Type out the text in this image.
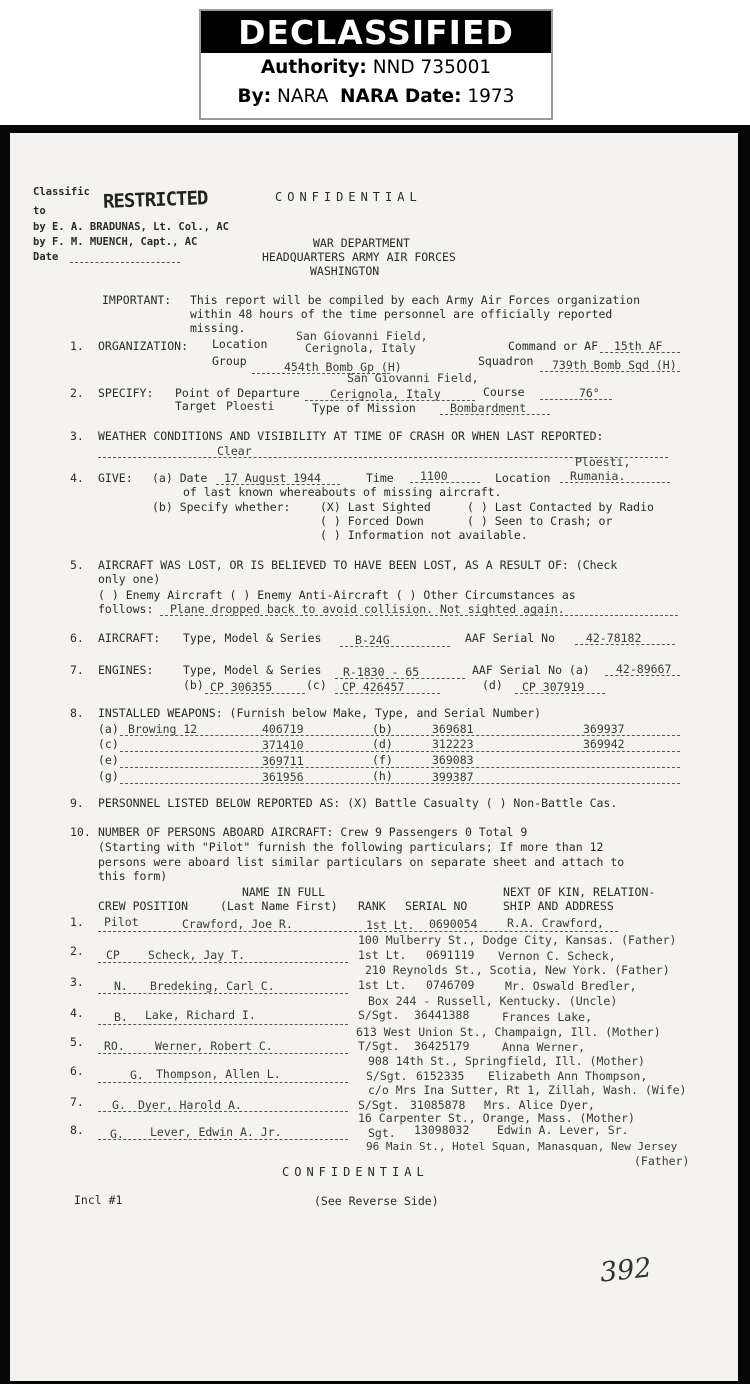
DECLASSIFIED
Authority: NND 735001
By: NARA NARA Date: 1973
Classific RESTRICTED
to
by E. A. BRADUNAS, Lt. Col., AC
by F. M. MUENCH, Capt., AC
Date
CONFIDENTIAL
WAR DEPARTMENT
HEADQUARTERS ARMY AIR FORCES
WASHINGTON
IMPORTANT: This report will be compiled by each Army Air Forces organization
within 48 hours of the time personnel are officially reported
missing.
1. ORGANIZATION: Location
San Giovanni Field,
Cerignola, Italy	Command or AF 15th AF
Group	454th Bomb Gp (H)	Squadron 739th Bomb Sqd (H)
2. SPECIFY:
San Giovanni Field,
Point of Departure	Cerignola, Italy	Course	76°
Target Ploesti	Type of Mission	Bombardment
3. WEATHER CONDITIONS AND VISIBILITY AT TIME OF CRASH OR WHEN LAST REPORTED:
Clear
Ploesti,
4. GIVE: (a) Date 17 August 1944	Time 1100	Location Rumania.
of last known whereabouts of missing aircraft.
(b) Specify whether:	(X) Last Sighted	( ) Last Contacted by Radio
( ) Forced Down	( ) Seen to Crash; or
( ) Information not available.
5. AIRCRAFT WAS LOST, OR IS BELIEVED TO HAVE BEEN LOST, AS A RESULT OF: (Check
only one)
( ) Enemy Aircraft ( ) Enemy Anti-Aircraft ( ) Other Circumstances as
follows: Plane dropped back to avoid collision. Not sighted again.
6. AIRCRAFT: Type, Model & Series	B-24G	AAF Serial No	42-78182
7. ENGINES:	Type, Model & Series R-1830 - 65	AAF Serial No (a) 42-89667
(b) CP 306355	(c) CP 426457	(d) CP 307919
8. INSTALLED WEAPONS: (Furnish below Make, Type, and Serial Number)
(a) Browing 12	406719	(b)	369681	369937
(c)	371410	(d)	312223	369942
(e)	369711	(f)	369083
(g)	361956	(h)	399387
9. PERSONNEL LISTED BELOW REPORTED AS: (X) Battle Casualty ( ) Non-Battle Cas.
10. NUMBER OF PERSONS ABOARD AIRCRAFT: Crew 9 Passengers 0 Total 9
(Starting with "Pilot" furnish the following particulars; If more than 12
persons were aboard list similar particulars on separate sheet and attach to
this form)
NAME IN FULL	NEXT OF KIN, RELATION-
CREW POSITION	(Last Name First) RANK SERIAL NO	SHIP AND ADDRESS
1. Pilot	Crawford, Joe R.	1st Lt. 0690054	R.A. Crawford,
100 Mulberry St., Dodge City, Kansas. (Father)
2. CP Scheck, Jay T.	1st Lt. 0691119 Vernon C. Scheck,
210 Reynolds St., Scotia, New York. (Father)
3.	N. Bredeking, Carl C.	1st Lt. 0746709	Mr. Oswald Bredler,
Box 244 - Russell, Kentucky. (Uncle)
4.	B. Lake, Richard I.	S/Sgt. 36441388	Frances Lake,
613 West Union St., Champaign, Ill. (Mother)
5. RO.	Werner, Robert C.	T/Sgt. 36425179	Anna Werner,
908 14th St., Springfield, Ill. (Mother)
6.	G. Thompson, Allen L.	S/Sgt. 6152335 Elizabeth Ann Thompson,
c/o Mrs Ina Sutter, Rt 1, Zillah, Wash. (Wife)
7. G. Dyer, Harold A.	S/Sgt. 31085878 Mrs. Alice Dyer,
16 Carpenter St., Orange, Mass. (Mother)
8. G. Lever, Edwin A. Jr.	Sgt. 13098032 Edwin A. Lever, Sr.
96 Main St., Hotel Squan, Manasquan, New Jersey
(Father)
CONFIDENTIAL
Incl #1	(See Reverse Side)
392
